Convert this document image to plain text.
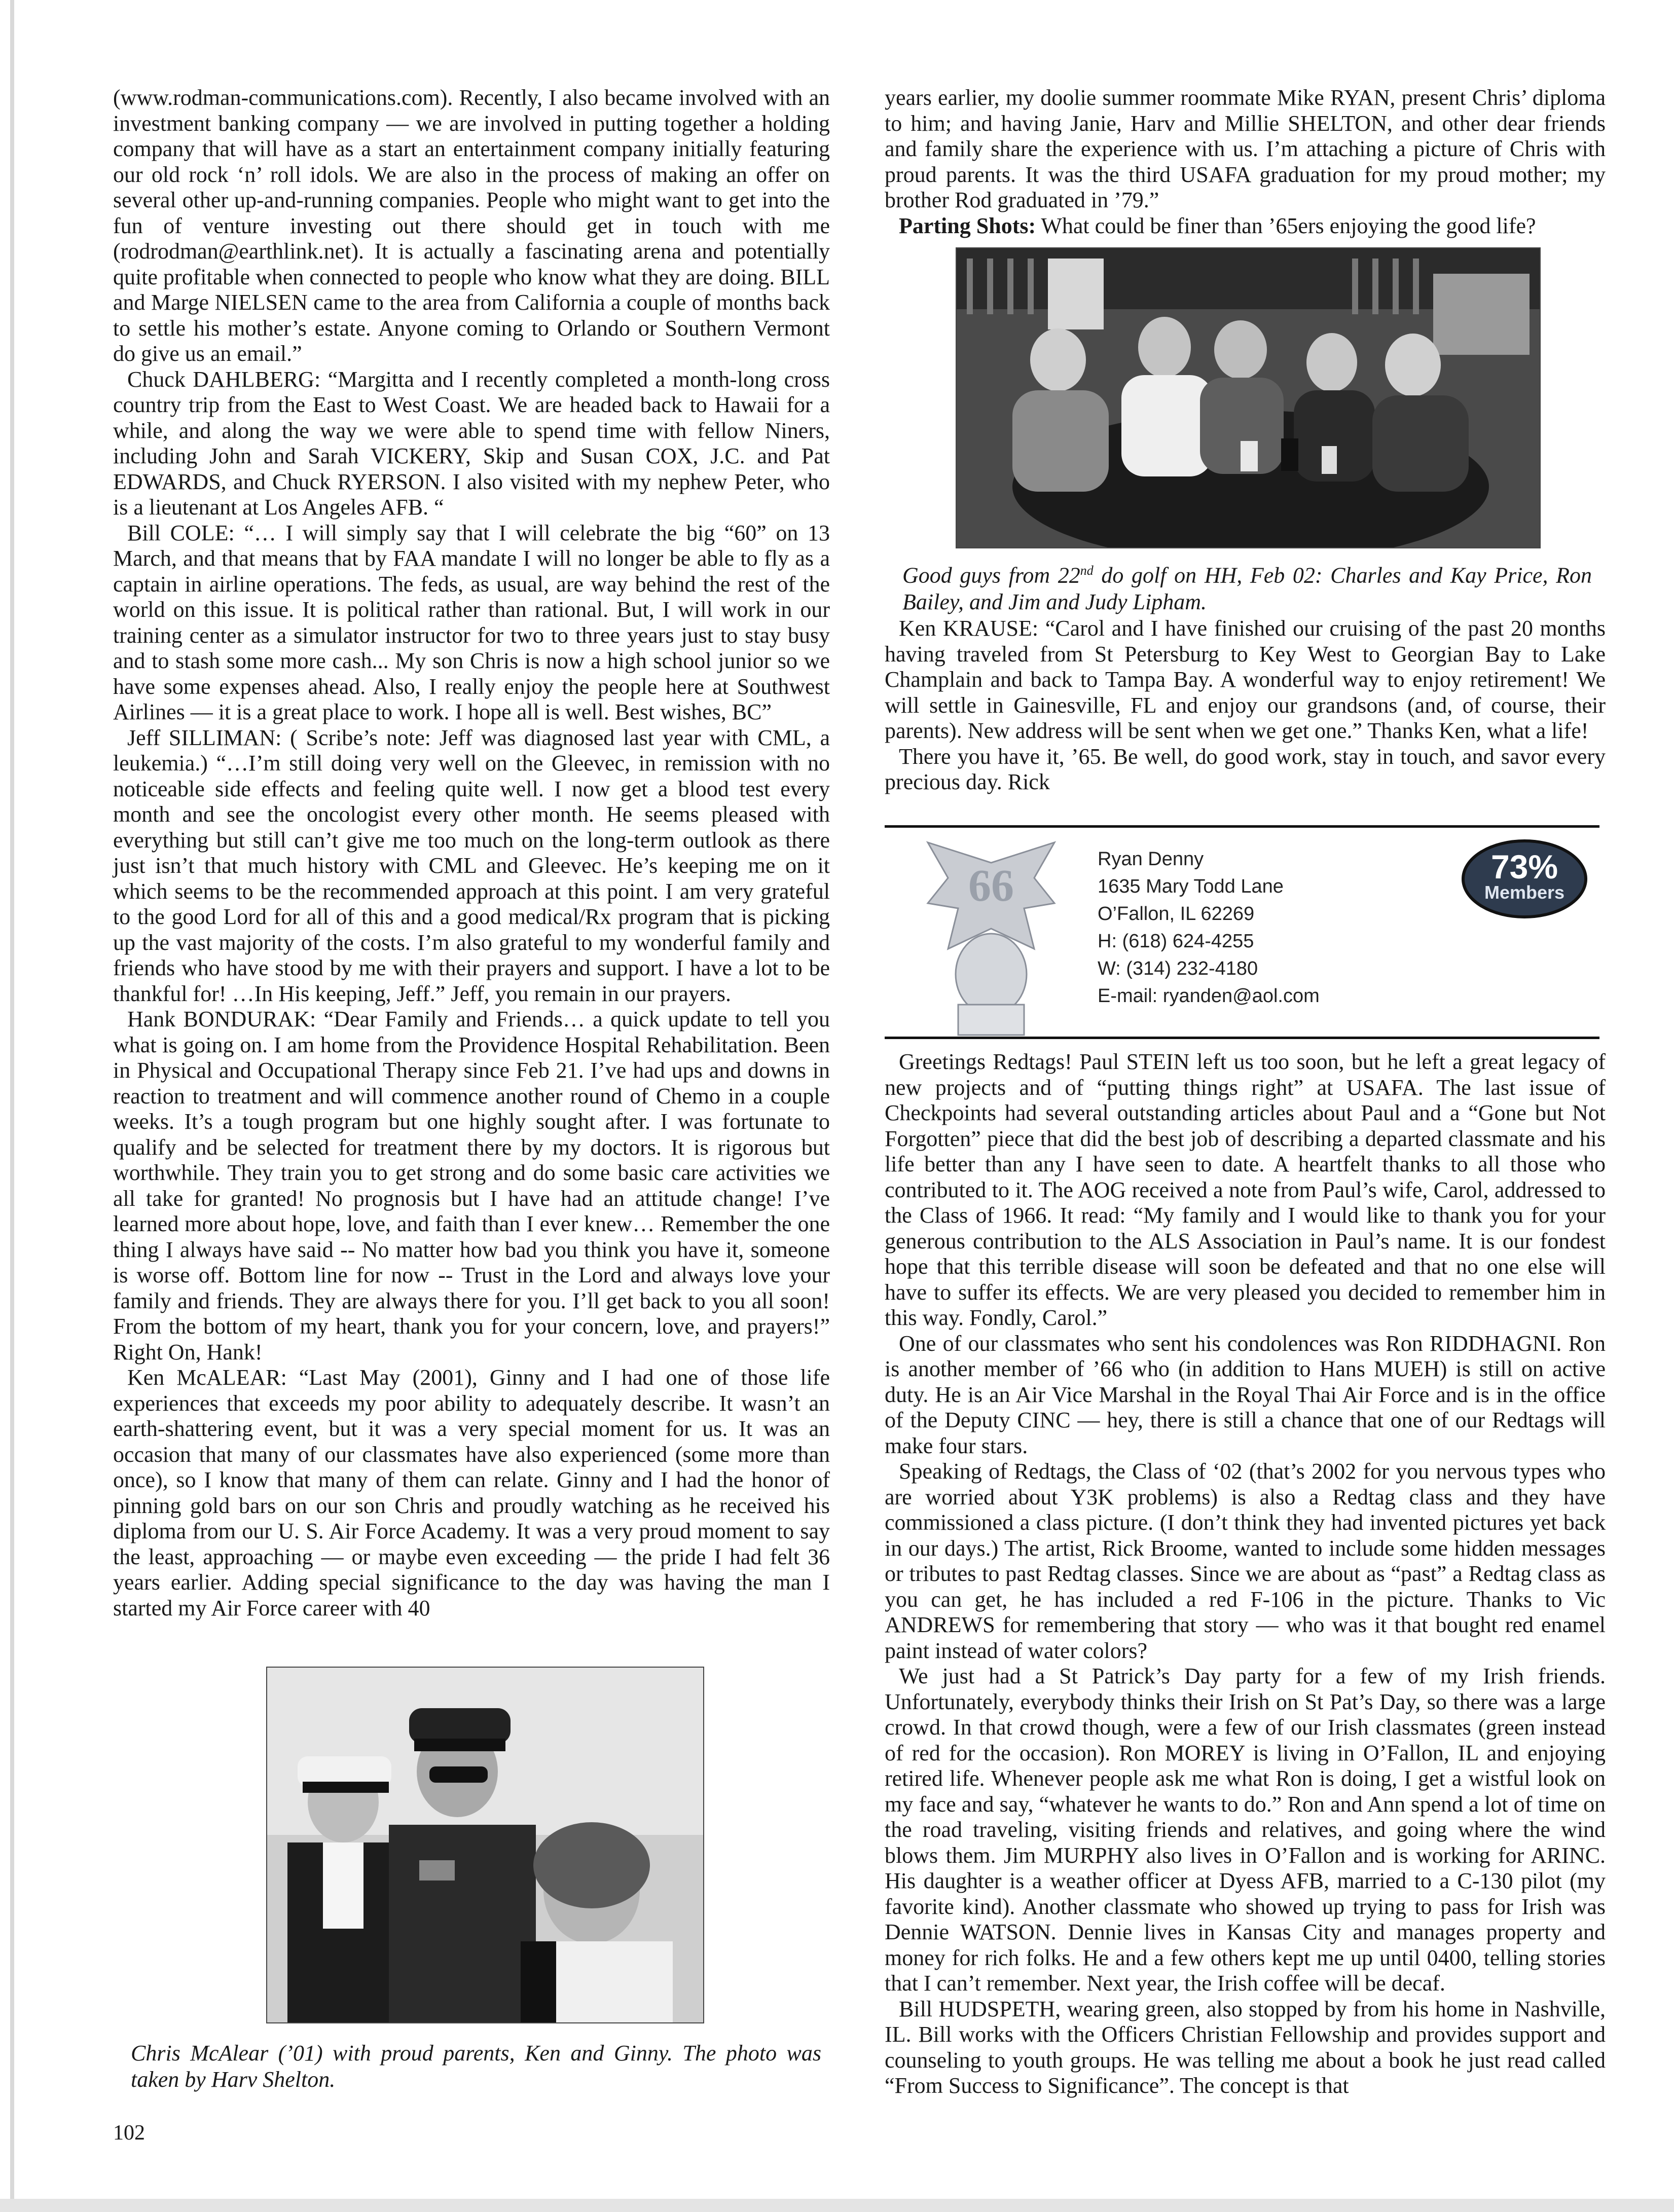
(www.rodman-communications.com). Recently, I also became involved with an investment banking company — we are involved in putting together a holding company that will have as a start an entertainment company initially featuring our old rock ‘n’ roll idols. We are also in the process of making an offer on several other up-and-running companies. People who might want to get into the fun of venture investing out there should get in touch with me (rodrodman@earthlink.net). It is actually a fascinating arena and potentially quite profitable when connected to people who know what they are doing. BILL and Marge NIELSEN came to the area from California a couple of months back to settle his mother’s estate. Anyone coming to Orlando or Southern Vermont do give us an email.”

Chuck DAHLBERG: “Margitta and I recently completed a month-long cross country trip from the East to West Coast. We are headed back to Hawaii for a while, and along the way we were able to spend time with fellow Niners, including John and Sarah VICKERY, Skip and Susan COX, J.C. and Pat EDWARDS, and Chuck RYERSON. I also visited with my nephew Peter, who is a lieutenant at Los Angeles AFB. “

Bill COLE: “… I will simply say that I will celebrate the big “60” on 13 March, and that means that by FAA mandate I will no longer be able to fly as a captain in airline operations. The feds, as usual, are way behind the rest of the world on this issue. It is political rather than rational. But, I will work in our training center as a simulator instructor for two to three years just to stay busy and to stash some more cash... My son Chris is now a high school junior so we have some expenses ahead. Also, I really enjoy the people here at Southwest Airlines — it is a great place to work. I hope all is well. Best wishes, BC”

Jeff SILLIMAN: ( Scribe’s note: Jeff was diagnosed last year with CML, a leukemia.) “…I’m still doing very well on the Gleevec, in remission with no noticeable side effects and feeling quite well. I now get a blood test every month and see the oncologist every other month. He seems pleased with everything but still can’t give me too much on the long-term outlook as there just isn’t that much history with CML and Gleevec. He’s keeping me on it which seems to be the recommended approach at this point. I am very grateful to the good Lord for all of this and a good medical/Rx program that is picking up the vast majority of the costs. I’m also grateful to my wonderful family and friends who have stood by me with their prayers and support. I have a lot to be thankful for! …In His keeping, Jeff.” Jeff, you remain in our prayers.

Hank BONDURAK: “Dear Family and Friends… a quick update to tell you what is going on. I am home from the Providence Hospital Rehabilitation. Been in Physical and Occupational Therapy since Feb 21. I’ve had ups and downs in reaction to treatment and will commence another round of Chemo in a couple weeks. It’s a tough program but one highly sought after. I was fortunate to qualify and be selected for treatment there by my doctors. It is rigorous but worthwhile. They train you to get strong and do some basic care activities we all take for granted! No prognosis but I have had an attitude change! I’ve learned more about hope, love, and faith than I ever knew… Remember the one thing I always have said -- No matter how bad you think you have it, someone is worse off. Bottom line for now -- Trust in the Lord and always love your family and friends. They are always there for you. I’ll get back to you all soon! From the bottom of my heart, thank you for your concern, love, and prayers!” Right On, Hank!

Ken McALEAR: “Last May (2001), Ginny and I had one of those life experiences that exceeds my poor ability to adequately describe. It wasn’t an earth-shattering event, but it was a very special moment for us. It was an occasion that many of our classmates have also experienced (some more than once), so I know that many of them can relate. Ginny and I had the honor of pinning gold bars on our son Chris and proudly watching as he received his diploma from our U. S. Air Force Academy. It was a very proud moment to say the least, approaching — or maybe even exceeding — the pride I had felt 36 years earlier. Adding special significance to the day was having the man I started my Air Force career with 40

Chris McAlear (’01) with proud parents, Ken and Ginny. The photo was taken by Harv Shelton.

102

years earlier, my doolie summer roommate Mike RYAN, present Chris’ diploma to him; and having Janie, Harv and Millie SHELTON, and other dear friends and family share the experience with us. I’m attaching a picture of Chris with proud parents. It was the third USAFA graduation for my proud mother; my brother Rod graduated in ’79.”

Parting Shots: What could be finer than ’65ers enjoying the good life?

Good guys from 22nd do golf on HH, Feb 02: Charles and Kay Price, Ron Bailey, and Jim and Judy Lipham.

Ken KRAUSE: “Carol and I have finished our cruising of the past 20 months having traveled from St Petersburg to Key West to Georgian Bay to Lake Champlain and back to Tampa Bay. A wonderful way to enjoy retirement! We will settle in Gainesville, FL and enjoy our grandsons (and, of course, their parents). New address will be sent when we get one.” Thanks Ken, what a life!

There you have it, ’65. Be well, do good work, stay in touch, and savor every precious day. Rick

66
Ryan Denny
1635 Mary Todd Lane
O’Fallon, IL 62269
H: (618) 624-4255
W: (314) 232-4180
E-mail: ryanden@aol.com
73%
Members

Greetings Redtags! Paul STEIN left us too soon, but he left a great legacy of new projects and of “putting things right” at USAFA. The last issue of Checkpoints had several outstanding articles about Paul and a “Gone but Not Forgotten” piece that did the best job of describing a departed classmate and his life better than any I have seen to date. A heartfelt thanks to all those who contributed to it. The AOG received a note from Paul’s wife, Carol, addressed to the Class of 1966. It read: “My family and I would like to thank you for your generous contribution to the ALS Association in Paul’s name. It is our fondest hope that this terrible disease will soon be defeated and that no one else will have to suffer its effects. We are very pleased you decided to remember him in this way. Fondly, Carol.”

One of our classmates who sent his condolences was Ron RIDDHAGNI. Ron is another member of ’66 who (in addition to Hans MUEH) is still on active duty. He is an Air Vice Marshal in the Royal Thai Air Force and is in the office of the Deputy CINC — hey, there is still a chance that one of our Redtags will make four stars.

Speaking of Redtags, the Class of ‘02 (that’s 2002 for you nervous types who are worried about Y3K problems) is also a Redtag class and they have commissioned a class picture. (I don’t think they had invented pictures yet back in our days.) The artist, Rick Broome, wanted to include some hidden messages or tributes to past Redtag classes. Since we are about as “past” a Redtag class as you can get, he has included a red F-106 in the picture. Thanks to Vic ANDREWS for remembering that story — who was it that bought red enamel paint instead of water colors?

We just had a St Patrick’s Day party for a few of my Irish friends. Unfortunately, everybody thinks their Irish on St Pat’s Day, so there was a large crowd. In that crowd though, were a few of our Irish classmates (green instead of red for the occasion). Ron MOREY is living in O’Fallon, IL and enjoying retired life. Whenever people ask me what Ron is doing, I get a wistful look on my face and say, “whatever he wants to do.” Ron and Ann spend a lot of time on the road traveling, visiting friends and relatives, and going where the wind blows them. Jim MURPHY also lives in O’Fallon and is working for ARINC. His daughter is a weather officer at Dyess AFB, married to a C-130 pilot (my favorite kind). Another classmate who showed up trying to pass for Irish was Dennie WATSON. Dennie lives in Kansas City and manages property and money for rich folks. He and a few others kept me up until 0400, telling stories that I can’t remember. Next year, the Irish coffee will be decaf.

Bill HUDSPETH, wearing green, also stopped by from his home in Nashville, IL. Bill works with the Officers Christian Fellowship and provides support and counseling to youth groups. He was telling me about a book he just read called “From Success to Significance”. The concept is that
